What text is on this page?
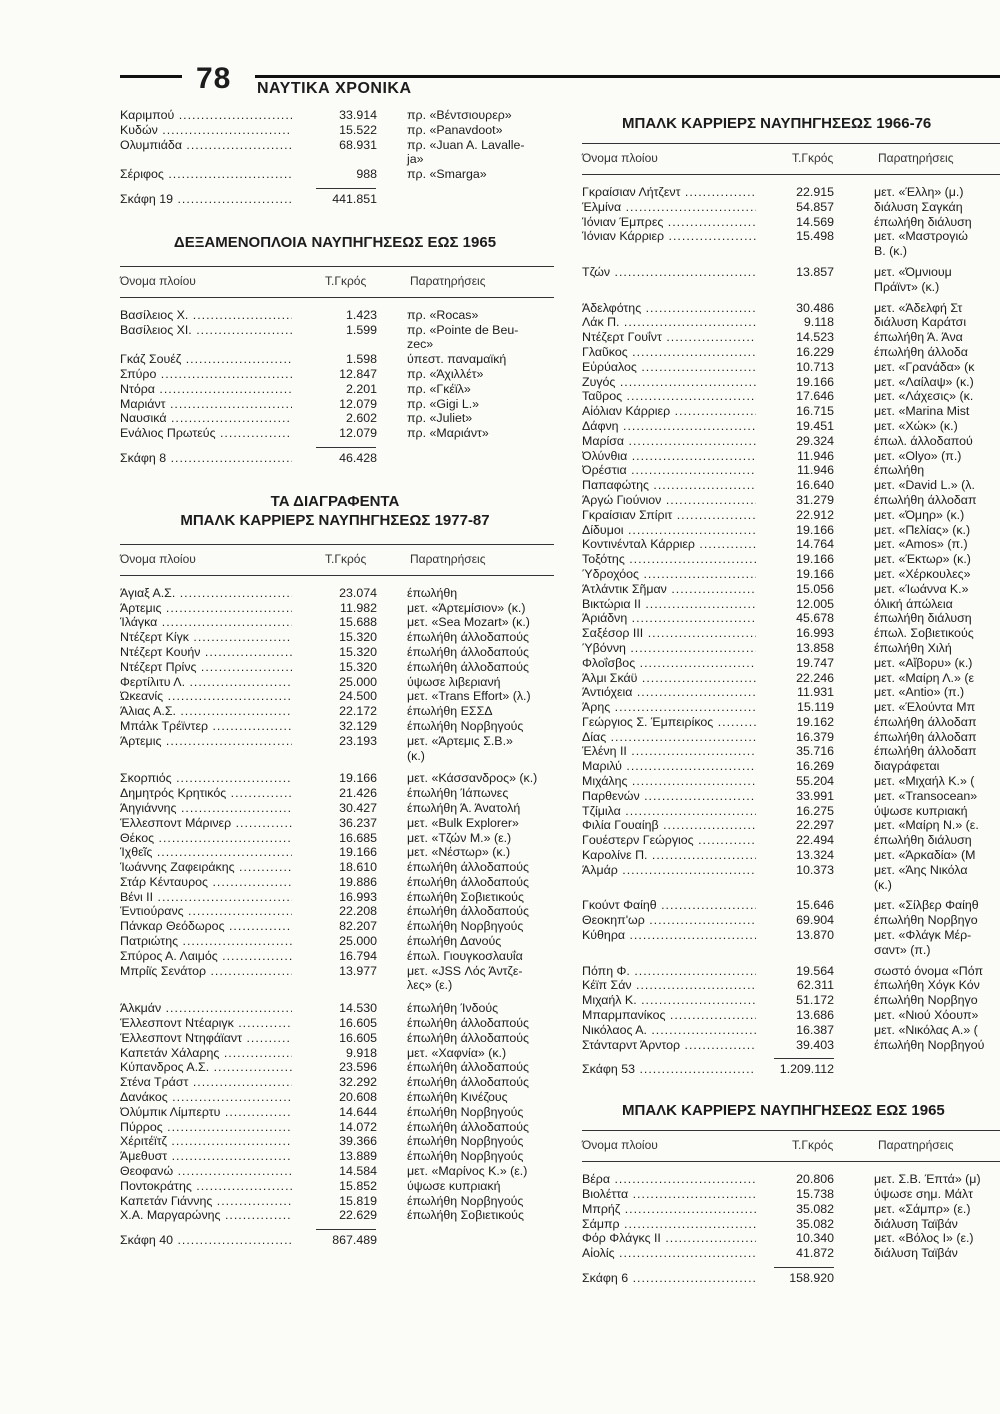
78 ΝΑΥΤΙΚΑ ΧΡΟΝΙΚΑ
Καριμπού .....	33.914 πρ. «Βέντσιουρερ»
Κυδών .....	15.522 πρ. «Panavdoot»
Ολυμπιάδα .....	68.931 πρ. «Juan A. Lavalle-
ja»
Σέριφος .....	988 πρ. «Smarga»
Σκάφη 19 .....	441.851
ΔΕΞΑΜΕΝΟΠΛΟΙΑ ΝΑΥΠΗΓΗΣΕΩΣ ΕΩΣ 1965
Όνομα πλοίου	Τ.Γκρός	Παρατηρήσεις
Βασίλειος Χ. .....	1.423 πρ. «Rocas»
Βασίλειος XI. .....	1.599 πρ. «Pointe de Beu-
zec»
Γκάζ Σουέζ .....	1.598 ύπεστ. παναμαϊκή
Σπύρο .....	12.847 πρ. «Άχιλλέτ»
Ντόρα .....	2.201 πρ. «Γκέϊλ»
Μαριάντ .....	12.079 πρ. «Gigi L.»
Ναυσικά .....	2.602 πρ. «Juliet»
Ενάλιος Πρωτεύς .....	12.079 πρ. «Μαριάντ»
Σκάφη 8 .....	46.428
ΤΑ ΔΙΑΓΡΑΦΕΝΤΑ
ΜΠΑΛΚ ΚΑΡΡΙΕΡΣ ΝΑΥΠΗΓΗΣΕΩΣ 1977-87
Όνομα πλοίου	Τ.Γκρός	Παρατηρήσεις
Άγιαξ Α.Σ. .....	23.074 έπωλήθη
Άρτεμις .....	11.982 μετ. «Άρτεμίσιον» (κ.)
Ίλάγκα .....	15.688 μετ. «Sea Mozart» (κ.)
Ντέζερτ Κίγκ .....	15.320 έπωλήθη άλλοδαπούς
Ντέζερτ Κουήν .....	15.320 έπωλήθη άλλοδαπούς
Ντέζερτ Πρίνς .....	15.320 έπωλήθη άλλοδαπούς
Φερτίλιτυ Λ. .....	25.000 ύψωσε λιβεριανή
Ώκεανίς .....	24.500 μετ. «Trans Effort» (λ.)
Άλιας Α.Σ. .....	22.172 έπωλήθη ΕΣΣΔ
Μπάλκ Τρέϊντερ .....	32.129 έπωλήθη Νορβηγούς
Άρτεμις .....	23.193 μετ. «Άρτεμις Σ.Β.»
(κ.)
Σκορπιός .....	19.166 μετ. «Κάσσανδρος» (κ.)
Δημητρός Κρητικός .....	21.426 έπωλήθη Ίάπωνες
Άηγιάννης .....	30.427 έπωλήθη Ά. Άνατολή
Έλλεσποντ Μάρινερ .....	36.237 μετ. «Bulk Explorer»
Θέκος .....	16.685 μετ. «Τζών Μ.» (ε.)
Ίχθεῖς .....	19.166 μετ. «Νέστωρ» (κ.)
Ίωάννης Ζαφειράκης .....	18.610 έπωλήθη άλλοδαπούς
Στάρ Κένταυρος .....	19.886 έπωλήθη άλλοδαπούς
Βένι ΙΙ .....	16.993 έπωλήθη Σοβιετικούς
Έντιούρανς .....	22.208 έπωλήθη άλλοδαπούς
Πάνκαρ Θεόδωρος .....	82.207 έπωλήθη Νορβηγούς
Πατριώτης .....	25.000 έπωλήθη Δανούς
Σπύρος Α. Λαιμός .....	16.794 έπωλ. Γιουγκοσλαυΐα
Μπρίϊς Σενάτορ .....	13.977 μετ. «JSS Λός Άντζε-
λες» (ε.)
Άλκμάν .....	14.530 έπωλήθη Ίνδούς
Έλλεσποντ Ντέαριγκ .....	16.605 έπωλήθη άλλοδαπούς
Έλλεσποντ Ντηφάϊαντ .....	16.605 έπωλήθη άλλοδαπούς
Καπετάν Χάλαρης .....	9.918 μετ. «Χαφνία» (κ.)
Κύπανδρος Α.Σ. .....	23.596 έπωλήθη άλλοδαπούς
Στένα Τράστ .....	32.292 έπωλήθη άλλοδαπούς
Δανάκος .....	20.608 έπωλήθη Κινέζους
Όλύμπικ Λίμπερτυ .....	14.644 έπωλήθη Νορβηγούς
Πύρρος .....	14.072 έπωλήθη άλλοδαπούς
Χέριτέϊτζ .....	39.366 έπωλήθη Νορβηγούς
Άμεθυστ .....	13.889 έπωλήθη Νορβηγούς
Θεοφανώ .....	14.584 μετ. «Μαρίνος Κ.» (ε.)
Ποντοκράτης .....	15.852 ύψωσε κυπριακή
Καπετάν Γιάννης .....	15.819 έπωλήθη Νορβηγούς
Χ.Α. Μαργαρώνης .....	22.629 έπωλήθη Σοβιετικούς
Σκάφη 40 .....	867.489
ΜΠΑΛΚ ΚΑΡΡΙΕΡΣ ΝΑΥΠΗΓΗΣΕΩΣ 1966-76
Όνομα πλοίου	Τ.Γκρός	Παρατηρήσεις
Γκραίσιαν Λήτζεντ .....	22.915	μετ. «Έλλη» (μ.)
Έλμίνα .....	54.857	διάλυση Σαγκάη
Ίόνιαν Έμπρες .....	14.569	έπωλήθη διάλυση
Ίόνιαν Κάρριερ .....	15.498	μετ. «Μαστρογιώ
Β. (κ.)
Τζών .....	13.857	μετ. «Όμνιουμ
Πράϊντ» (κ.)
Άδελφότης .....	30.486	μετ. «Άδελφή Στ
Λάκ Π. .....	9.118	διάλυση Καράτσι
Ντέζερτ Γουΐντ .....	14.523	έπωλήθη Ά. Άνα
Γλαῦκος .....	16.229	έπωλήθη άλλοδα
Εὐρύαλος .....	10.713	μετ. «Γρανάδα» (κ
Ζυγός .....	19.166	μετ. «Λαίλαψ» (κ.)
Ταῦρος .....	17.646	μετ. «Λάχεσις» (κ.
Αἰόλιαν Κάρριερ .....	16.715	μετ. «Marina Mist
Δάφνη .....	19.451	μετ. «Χώκ» (κ.)
Μαρίσα .....	29.324	έπωλ. άλλοδαπού
Όλύνθια .....	11.946	μετ. «Olyo» (π.)
Όρέστια .....	11.946	έπωλήθη
Παπαφώτης .....	16.640	μετ. «David L.» (λ.
Άργώ Γιούνιον .....	31.279	έπωλήθη άλλοδαπ
Γκραίσιαν Σπίριτ .....	22.912	μετ. «Όμηρ» (κ.)
Δίδυμοι .....	19.166	μετ. «Πελίας» (κ.)
Κοντινένταλ Κάρριερ .....	14.764	μετ. «Amos» (π.)
Τοξότης .....	19.166	μετ. «Έκτωρ» (κ.)
Ύδροχόος .....	19.166	μετ. «Χέρκουλες»
Άτλάντικ Σῆμαν .....	15.056	μετ. «Ίωάννα Κ.»
Βικτώρια ΙΙ .....	12.005	όλική άπώλεια
Άριάδνη .....	45.678	έπωλήθη διάλυση
Σαξέσορ ΙΙΙ .....	16.993	έπωλ. Σοβιετικούς
Ύβόννη .....	13.858	έπωλήθη Χιλή
Φλοΐσβος .....	19.747	μετ. «Αἴβορυ» (κ.)
Άλμι Σκάϋ .....	22.246	μετ. «Μαίρη Λ.» (ε
Άντιόχεια .....	11.931	μετ. «Antio» (π.)
Άρης .....	15.119	μετ. «Έλούντα Μπ
Γεώργιος Σ. Έμπειρίκος .....	19.162	έπωλήθη άλλοδαπ
Δίας .....	16.379	έπωλήθη άλλοδαπ
Έλένη ΙΙ .....	35.716	έπωλήθη άλλοδαπ
Μαριλύ .....	16.269	διαγράφεται
Μιχάλης .....	55.204	μετ. «Μιχαήλ Κ.» (
Παρθενών .....	33.991	μετ. «Transocean»
Τζίμιλα .....	16.275	ύψωσε κυπριακή
Φιλία Γουαίηβ .....	22.297	μετ. «Μαίρη Ν.» (ε.
Γουέστερν Γεώργιος .....	22.494	έπωλήθη διάλυση
Καρολίνε Π. .....	13.324	μετ. «Άρκαδία» (Μ
Άλμάρ .....	10.373	μετ. «Άης Νικόλα
(κ.)
Γκούντ Φαίηθ .....	15.646	μετ. «Σίλβερ Φαίηθ
Θεοκηπ'ωρ .....	69.904	έπωλήθη Νορβηγο
Κύθηρα .....	13.870	μετ. «Φλάγκ Μέρ-
σαντ» (π.)
Πόπη Φ. .....	19.564	σωστό όνομα «Πόπ
Κέϊπ Σάν .....	62.311	έπωλήθη Χόγκ Κόν
Μιχαήλ Κ. .....	51.172	έπωλήθη Νορβηγο
Μπαρμπανίκος .....	13.686	μετ. «Νιού Χόουπ»
Νικόλαος Α. .....	16.387	μετ. «Νικόλας Α.» (
Στάνταρντ Άρντορ .....	39.403	έπωλήθη Νορβηγού
Σκάφη 53 .....	1.209.112
ΜΠΑΛΚ ΚΑΡΡΙΕΡΣ ΝΑΥΠΗΓΗΣΕΩΣ ΕΩΣ 1965
Όνομα πλοίου	Τ.Γκρός	Παρατηρήσεις
Βέρα .....	20.806	μετ. Σ.Β. Έπτά» (μ)
Βιολέττα .....	15.738	ύψωσε σημ. Μάλτ
Μπρήζ .....	35.082	μετ. «Σάμπρ» (ε.)
Σάμπρ .....	35.082	διάλυση Ταϊβάν
Φόρ Φλάγκς ΙΙ .....	10.340	μετ. «Βόλος Ι» (ε.)
Αἰολίς .....	41.872	διάλυση Ταϊβάν
Σκάφη 6 .....	158.920
